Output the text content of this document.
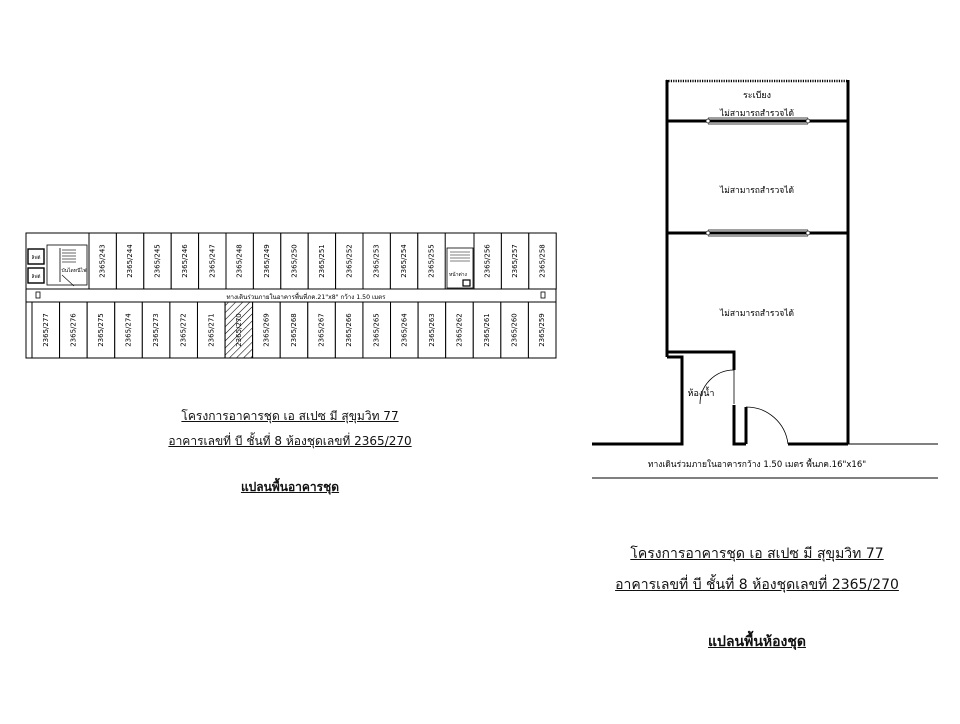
ลิฟต์
ลิฟต์
บันไดหนีไฟ
หน้าต่าง
ทางเดินร่วมภายในอาคารพื้นที่ภค.21"x8" กว้าง 1.50 เมตร
2365/243	2365/244	2365/245	2365/246	2365/247	2365/248	2365/249	2365/250	2365/251	2365/252	2365/253	2365/254	2365/255	2365/256	2365/257	2365/258
2365/277	2365/276	2365/275	2365/274	2365/273	2365/272	2365/271	2365/270	2365/269	2365/268	2365/267	2365/266	2365/265	2365/264	2365/263	2365/262	2365/261	2365/260	2365/259
ระเบียง
ไม่สามารถสำรวจได้
ไม่สามารถสำรวจได้
ไม่สามารถสำรวจได้
ห้องน้ำ
ทางเดินร่วมภายในอาคารกว้าง 1.50 เมตร พื้นภค.16"x16"
โครงการอาคารชุด เอ สเปซ มี สุขุมวิท 77
อาคารเลขที่ บี ชั้นที่ 8 ห้องชุดเลขที่ 2365/270
แปลนพื้นอาคารชุด
โครงการอาคารชุด เอ สเปซ มี สุขุมวิท 77
อาคารเลขที่ บี ชั้นที่ 8 ห้องชุดเลขที่ 2365/270
แปลนพื้นห้องชุด
